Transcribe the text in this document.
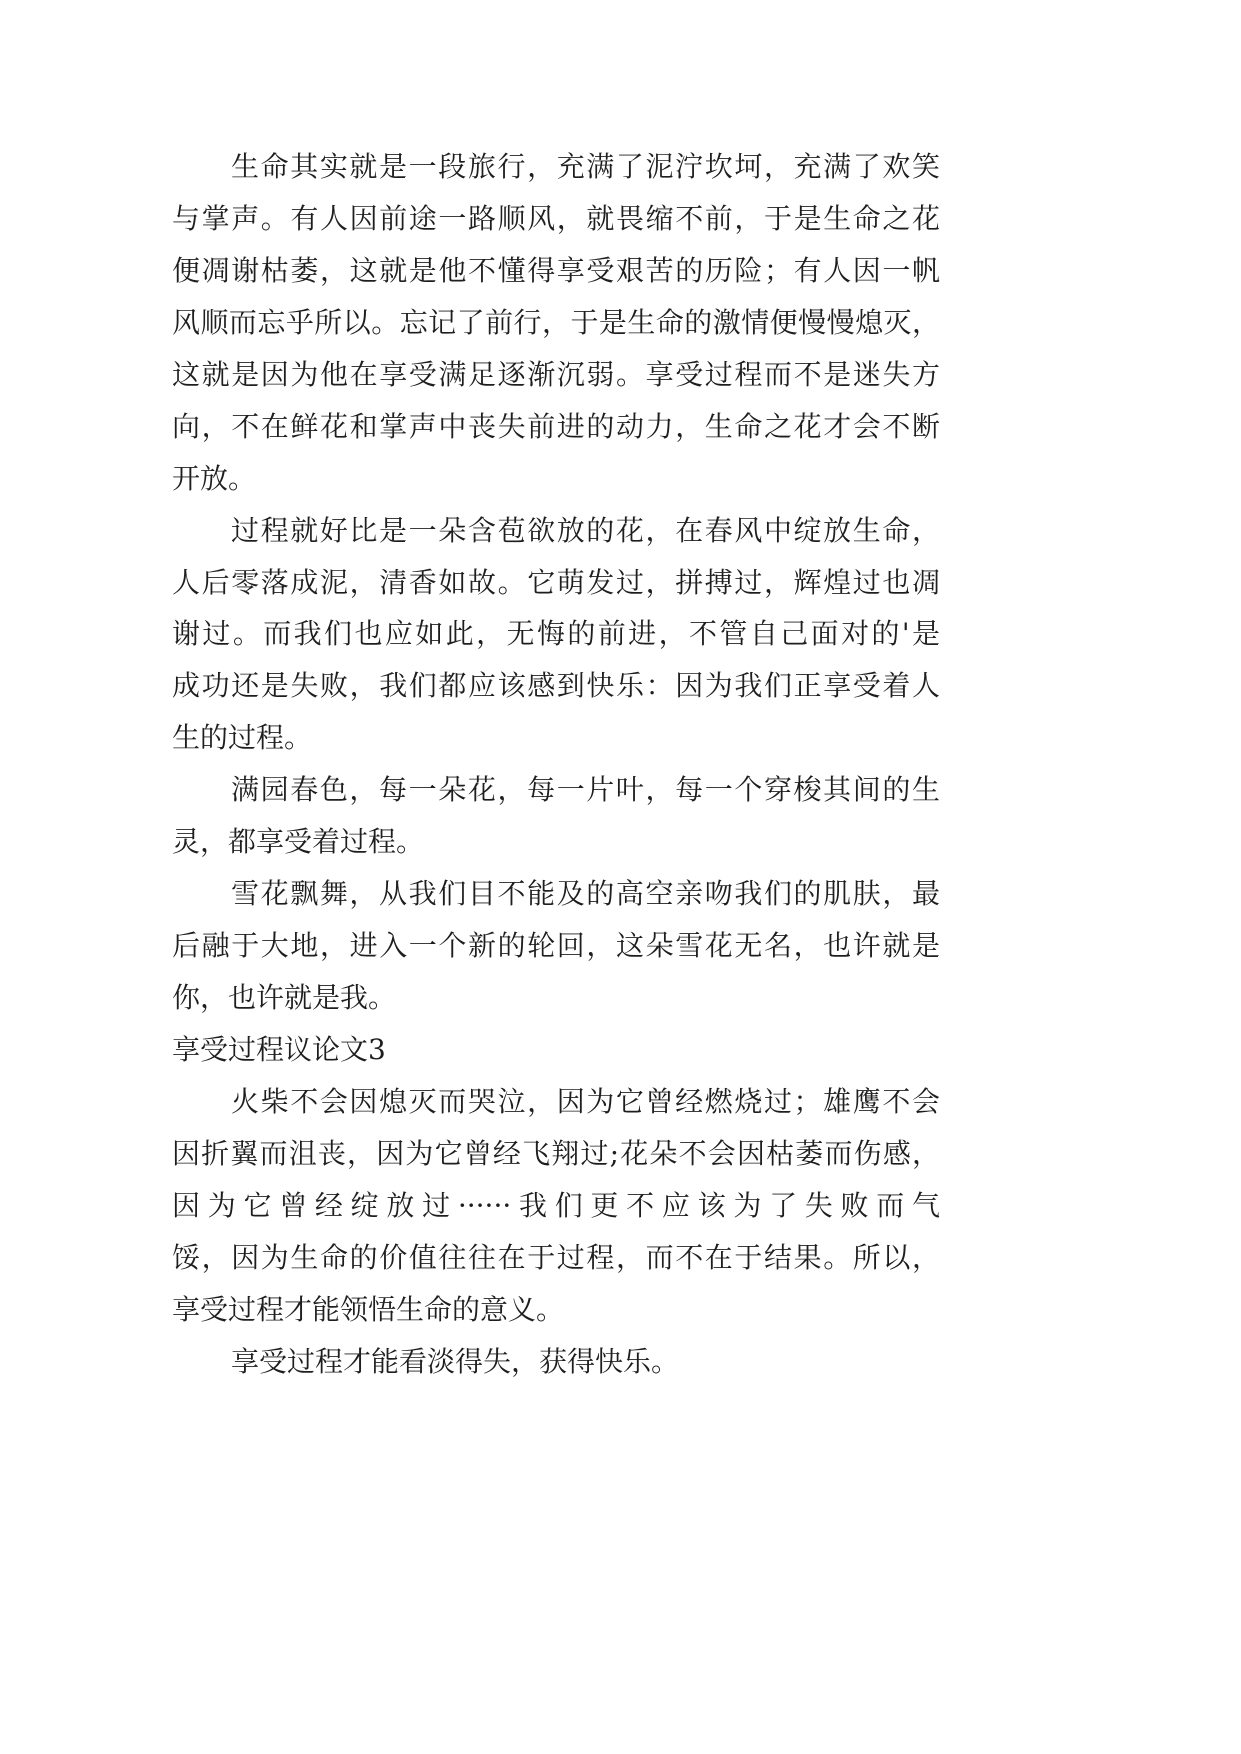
生命其实就是一段旅行，充满了泥泞坎坷，充满了欢笑
与掌声。有人因前途一路顺风，就畏缩不前，于是生命之花
便凋谢枯萎，这就是他不懂得享受艰苦的历险；有人因一帆
风顺而忘乎所以。忘记了前行，于是生命的激情便慢慢熄灭，
这就是因为他在享受满足逐渐沉弱。享受过程而不是迷失方
向，不在鲜花和掌声中丧失前进的动力，生命之花才会不断
开放。
过程就好比是一朵含苞欲放的花，在春风中绽放生命，
人后零落成泥，清香如故。它萌发过，拼搏过，辉煌过也凋
谢过。而我们也应如此，无悔的前进，不管自己面对的'是
成功还是失败，我们都应该感到快乐：因为我们正享受着人
生的过程。
满园春色，每一朵花，每一片叶，每一个穿梭其间的生
灵，都享受着过程。
雪花飘舞，从我们目不能及的高空亲吻我们的肌肤，最
后融于大地，进入一个新的轮回，这朵雪花无名，也许就是
你，也许就是我。
享受过程议论文3
火柴不会因熄灭而哭泣，因为它曾经燃烧过；雄鹰不会
因折翼而沮丧，因为它曾经飞翔过;花朵不会因枯萎而伤感，
因为它曾经绽放过······我们更不应该为了失败而气
馁，因为生命的价值往往在于过程，而不在于结果。所以，
享受过程才能领悟生命的意义。
享受过程才能看淡得失，获得快乐。
